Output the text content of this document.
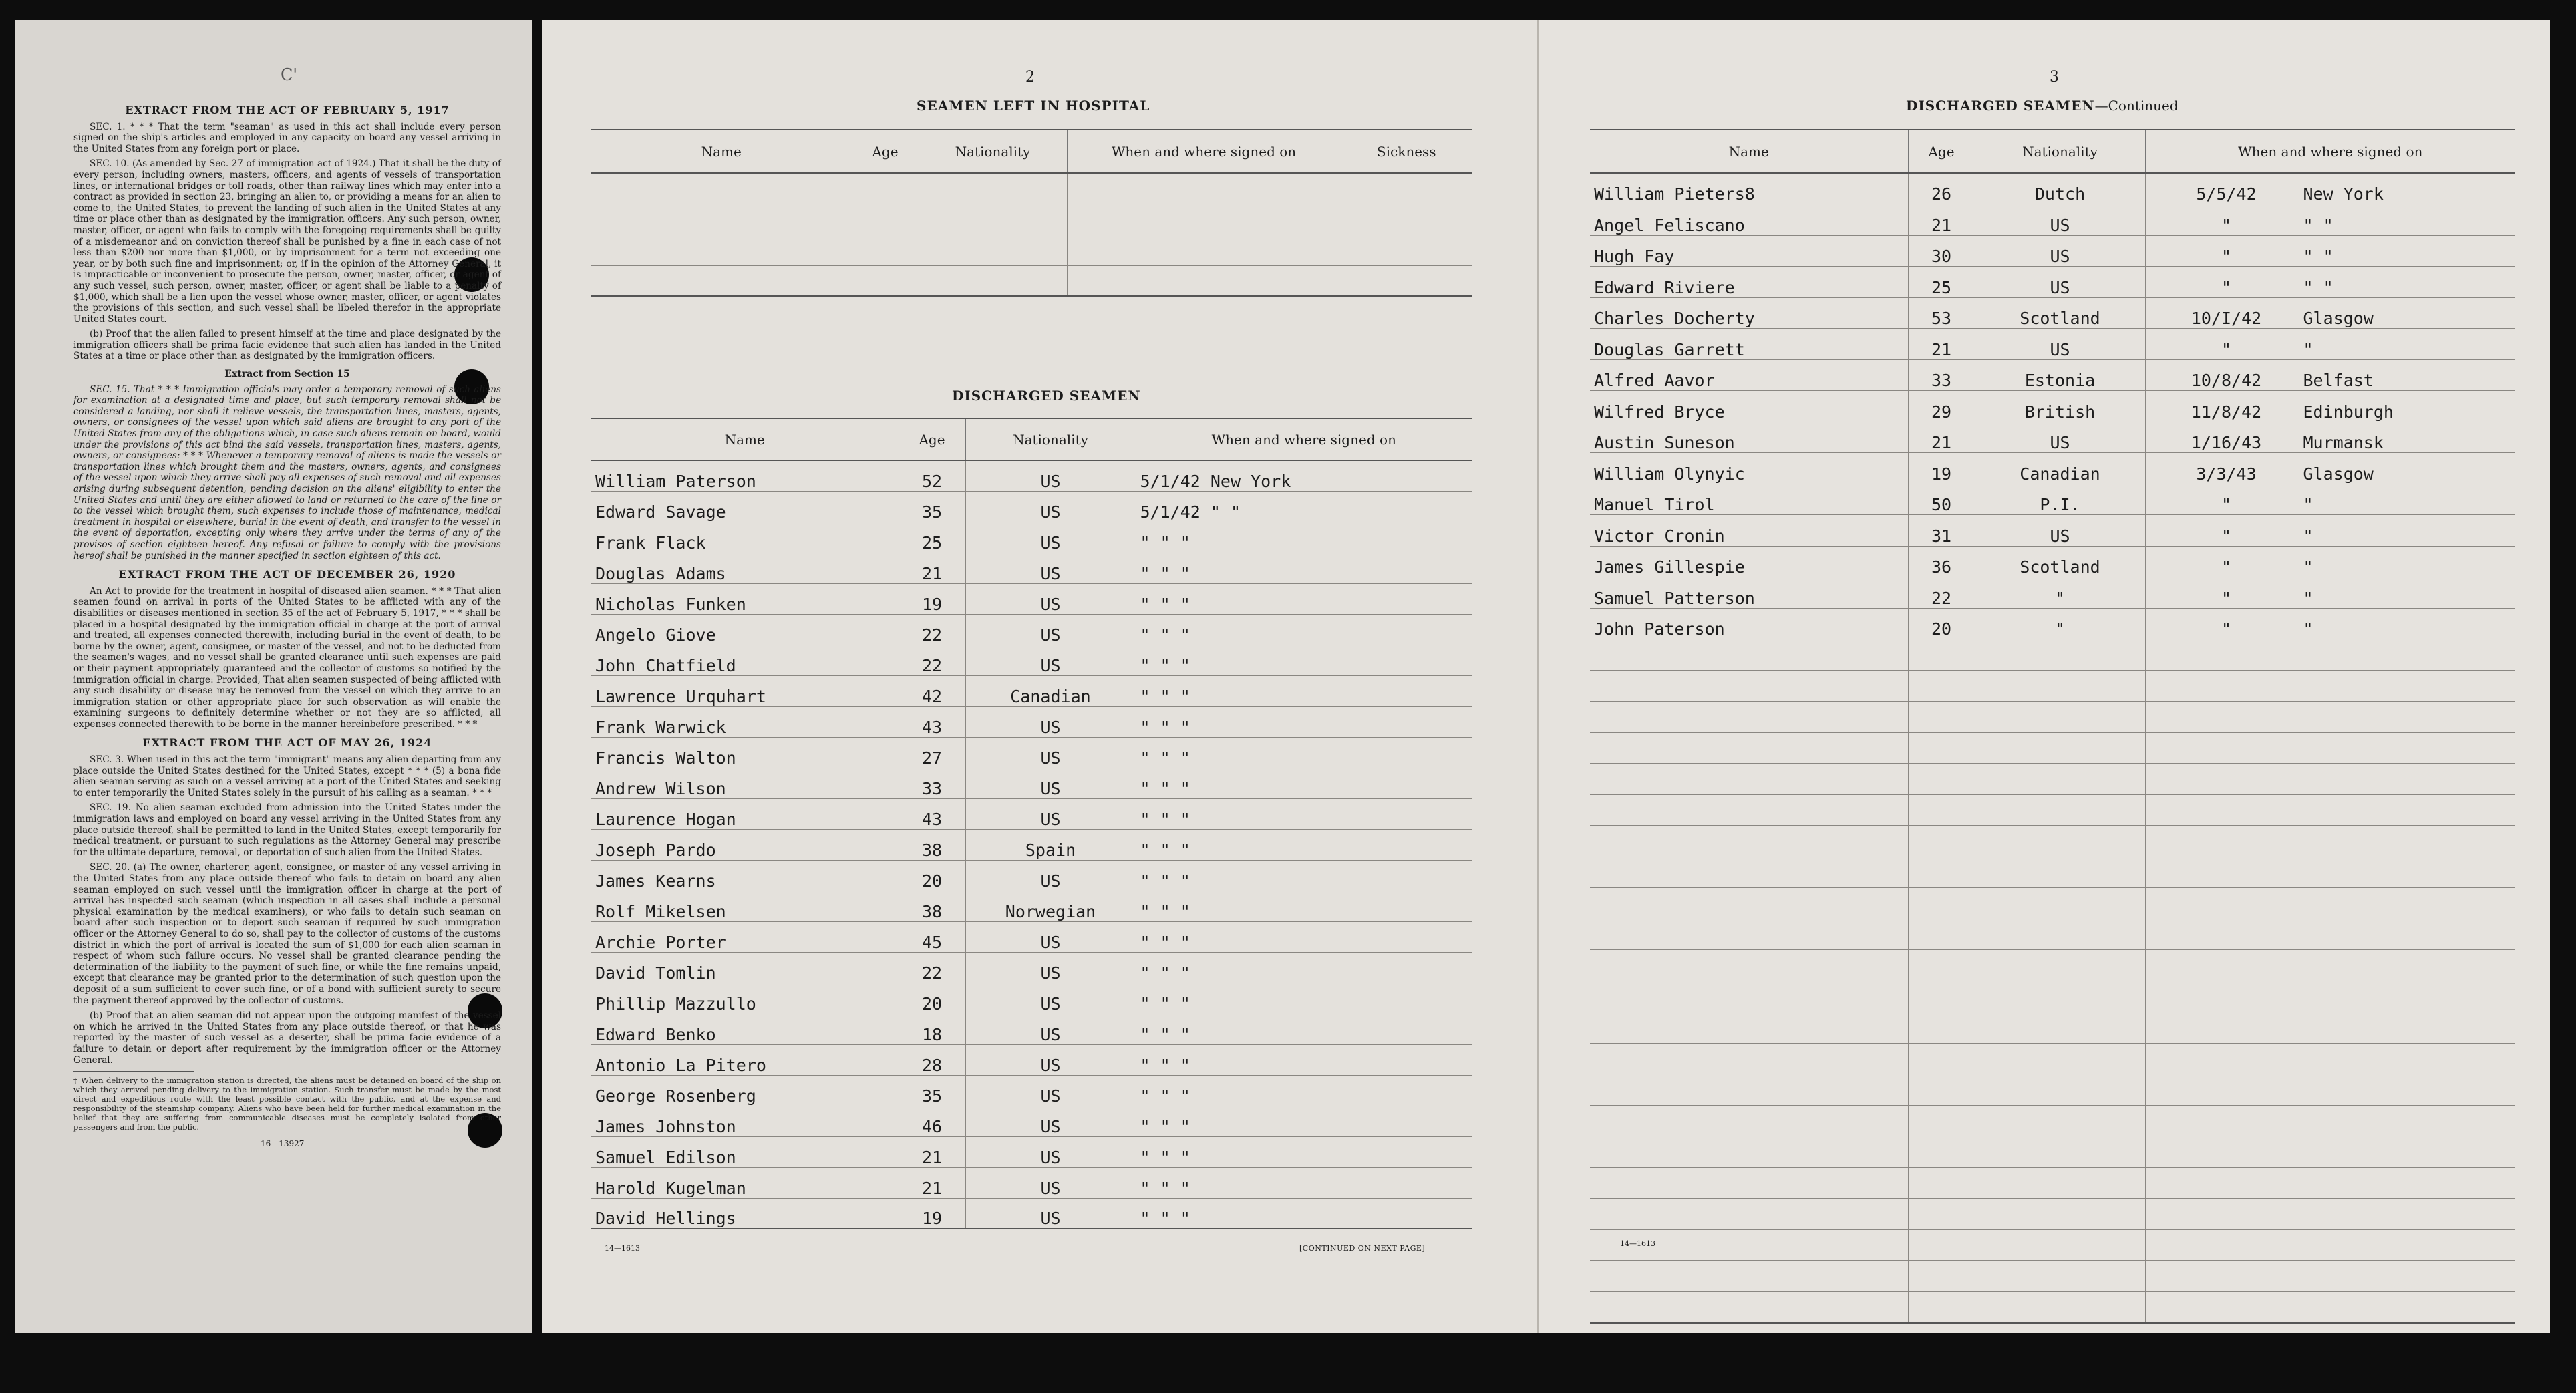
C'
EXTRACT FROM THE ACT OF FEBRUARY 5, 1917

SEC. 1. * * * That the term "seaman" as used in this act shall include every person signed on the ship's articles and employed in any capacity on board any vessel arriving in the United States from any foreign port or place.

SEC. 10. (As amended by Sec. 27 of immigration act of 1924.) That it shall be the duty of every person, including owners, masters, officers, and agents of vessels of transportation lines, or international bridges or toll roads, other than railway lines which may enter into a contract as provided in section 23, bringing an alien to, or providing a means for an alien to come to, the United States, to prevent the landing of such alien in the United States at any time or place other than as designated by the immigration officers. Any such person, owner, master, officer, or agent who fails to comply with the foregoing requirements shall be guilty of a misdemeanor and on conviction thereof shall be punished by a fine in each case of not less than $200 nor more than $1,000, or by imprisonment for a term not exceeding one year, or by both such fine and imprisonment; or, if in the opinion of the Attorney General, it is impracticable or inconvenient to prosecute the person, owner, master, officer, or agent of any such vessel, such person, owner, master, officer, or agent shall be liable to a penalty of $1,000, which shall be a lien upon the vessel whose owner, master, officer, or agent violates the provisions of this section, and such vessel shall be libeled therefor in the appropriate United States court.

(b) Proof that the alien failed to present himself at the time and place designated by the immigration officers shall be prima facie evidence that such alien has landed in the United States at a time or place other than as designated by the immigration officers.

Extract from Section 15

SEC. 15. That * * * Immigration officials may order a temporary removal of such aliens for examination at a designated time and place, but such temporary removal shall not be considered a landing, nor shall it relieve vessels, the transportation lines, masters, agents, owners, or consignees of the vessel upon which said aliens are brought to any port of the United States from any of the obligations which, in case such aliens remain on board, would under the provisions of this act bind the said vessels, transportation lines, masters, agents, owners, or consignees: * * * Whenever a temporary removal of aliens is made the vessels or transportation lines which brought them and the masters, owners, agents, and consignees of the vessel upon which they arrive shall pay all expenses of such removal and all expenses arising during subsequent detention, pending decision on the aliens' eligibility to enter the United States and until they are either allowed to land or returned to the care of the line or to the vessel which brought them, such expenses to include those of maintenance, medical treatment in hospital or elsewhere, burial in the event of death, and transfer to the vessel in the event of deportation, excepting only where they arrive under the terms of any of the provisos of section eighteen hereof. Any refusal or failure to comply with the provisions hereof shall be punished in the manner specified in section eighteen of this act.

EXTRACT FROM THE ACT OF DECEMBER 26, 1920

An Act to provide for the treatment in hospital of diseased alien seamen. * * * That alien seamen found on arrival in ports of the United States to be afflicted with any of the disabilities or diseases mentioned in section 35 of the act of February 5, 1917, * * * shall be placed in a hospital designated by the immigration official in charge at the port of arrival and treated, all expenses connected therewith, including burial in the event of death, to be borne by the owner, agent, consignee, or master of the vessel, and not to be deducted from the seamen's wages, and no vessel shall be granted clearance until such expenses are paid or their payment appropriately guaranteed and the collector of customs so notified by the immigration official in charge: Provided, That alien seamen suspected of being afflicted with any such disability or disease may be removed from the vessel on which they arrive to an immigration station or other appropriate place for such observation as will enable the examining surgeons to definitely determine whether or not they are so afflicted, all expenses connected therewith to be borne in the manner hereinbefore prescribed. * * *

EXTRACT FROM THE ACT OF MAY 26, 1924

SEC. 3. When used in this act the term "immigrant" means any alien departing from any place outside the United States destined for the United States, except * * * (5) a bona fide alien seaman serving as such on a vessel arriving at a port of the United States and seeking to enter temporarily the United States solely in the pursuit of his calling as a seaman. * * *

SEC. 19. No alien seaman excluded from admission into the United States under the immigration laws and employed on board any vessel arriving in the United States from any place outside thereof, shall be permitted to land in the United States, except temporarily for medical treatment, or pursuant to such regulations as the Attorney General may prescribe for the ultimate departure, removal, or deportation of such alien from the United States.

SEC. 20. (a) The owner, charterer, agent, consignee, or master of any vessel arriving in the United States from any place outside thereof who fails to detain on board any alien seaman employed on such vessel until the immigration officer in charge at the port of arrival has inspected such seaman (which inspection in all cases shall include a personal physical examination by the medical examiners), or who fails to detain such seaman on board after such inspection or to deport such seaman if required by such immigration officer or the Attorney General to do so, shall pay to the collector of customs of the customs district in which the port of arrival is located the sum of $1,000 for each alien seaman in respect of whom such failure occurs. No vessel shall be granted clearance pending the determination of the liability to the payment of such fine, or while the fine remains unpaid, except that clearance may be granted prior to the determination of such question upon the deposit of a sum sufficient to cover such fine, or of a bond with sufficient surety to secure the payment thereof approved by the collector of customs.

(b) Proof that an alien seaman did not appear upon the outgoing manifest of the vessel on which he arrived in the United States from any place outside thereof, or that he was reported by the master of such vessel as a deserter, shall be prima facie evidence of a failure to detain or deport after requirement by the immigration officer or the Attorney General.

† When delivery to the immigration station is directed, the aliens must be detained on board of the ship on which they arrived pending delivery to the immigration station. Such transfer must be made by the most direct and expeditious route with the least possible contact with the public, and at the expense and responsibility of the steamship company. Aliens who have been held for further medical examination in the belief that they are suffering from communicable diseases must be completely isolated from other passengers and from the public.

16—13927
2
SEAMEN LEFT IN HOSPITAL
Name	Age	Nationality	When and where signed on	Sickness

DISCHARGED SEAMEN
Name	Age	Nationality	When and where signed on
William Paterson	52	US	5/1/42 New York
Edward Savage	35	US	5/1/42 " "
Frank Flack	25	US	" " "
Douglas Adams	21	US	" " "
Nicholas Funken	19	US	" " "
Angelo Giove	22	US	" " "
John Chatfield	22	US	" " "
Lawrence Urquhart	42	Canadian	" " "
Frank Warwick	43	US	" " "
Francis Walton	27	US	" " "
Andrew Wilson	33	US	" " "
Laurence Hogan	43	US	" " "
Joseph Pardo	38	Spain	" " "
James Kearns	20	US	" " "
Rolf Mikelsen	38	Norwegian	" " "
Archie Porter	45	US	" " "
David Tomlin	22	US	" " "
Phillip Mazzullo	20	US	" " "
Edward Benko	18	US	" " "
Antonio La Pitero	28	US	" " "
George Rosenberg	35	US	" " "
James Johnston	46	US	" " "
Samuel Edilson	21	US	" " "
Harold Kugelman	21	US	" " "
David Hellings	19	US	" " "
14—1613	[CONTINUED ON NEXT PAGE]
3
DISCHARGED SEAMEN—Continued
Name	Age	Nationality	When and where signed on
William Pieters8	26	Dutch	5/5/42 New York
Angel Feliscano	21	US	" " "
Hugh Fay	30	US	" " "
Edward Riviere	25	US	" " "
Charles Docherty	53	Scotland	10/I/42 Glasgow
Douglas Garrett	21	US	" "
Alfred Aavor	33	Estonia	10/8/42 Belfast
Wilfred Bryce	29	British	11/8/42 Edinburgh
Austin Suneson	21	US	1/16/43 Murmansk
William Olynyic	19	Canadian	3/3/43 Glasgow
Manuel Tirol	50	P.I.	" "
Victor Cronin	31	US	" "
James Gillespie	36	Scotland	" "
Samuel Patterson	22	"	" "
John Paterson	20	"	" "

14—1613
